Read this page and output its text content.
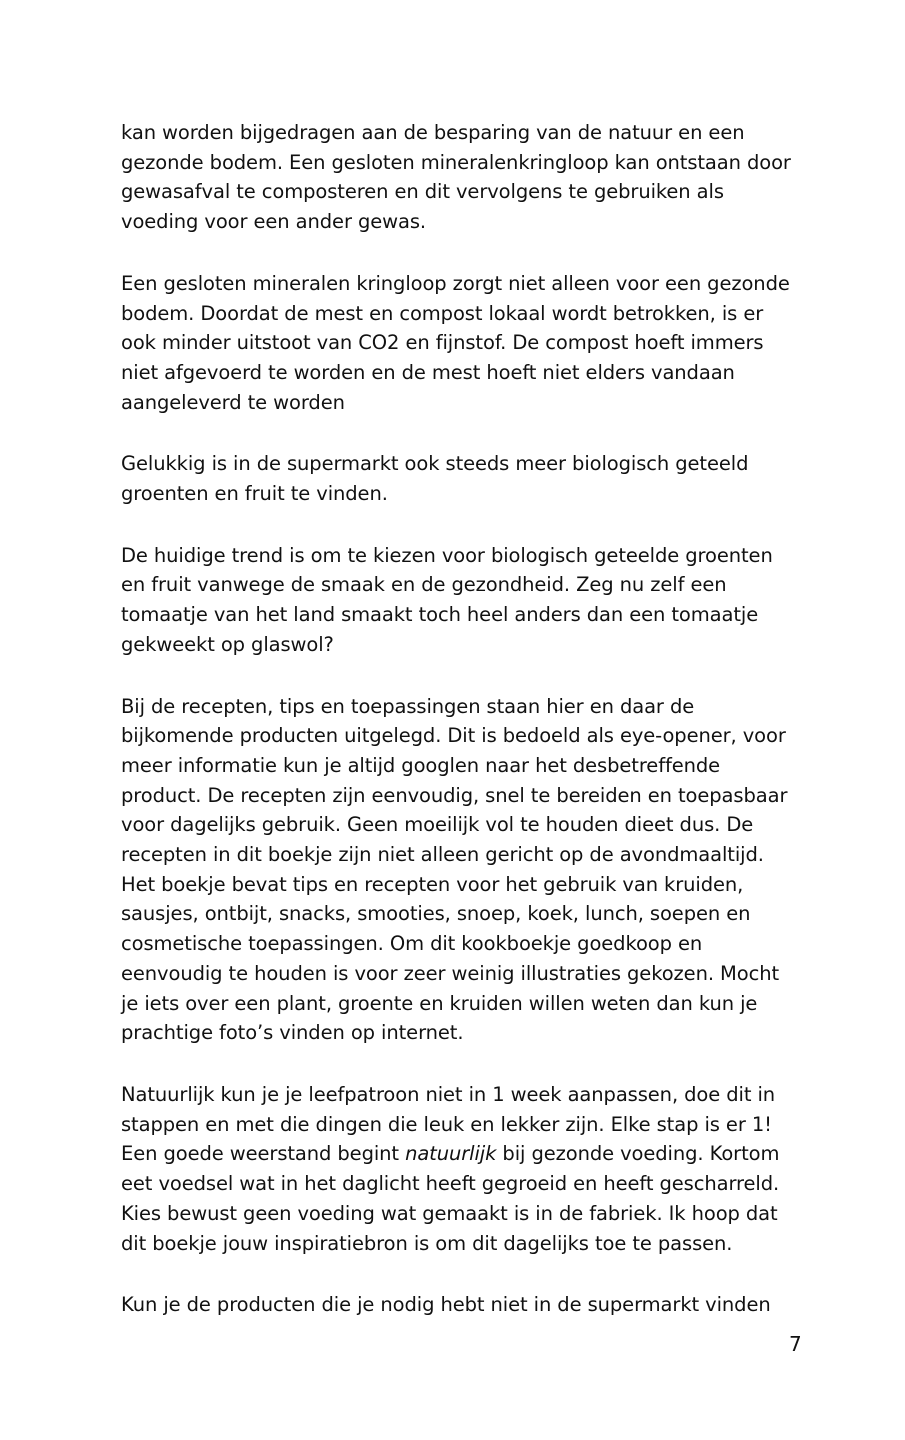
kan worden bijgedragen aan de besparing van de natuur en een
gezonde bodem. Een gesloten mineralenkringloop kan ontstaan door
gewasafval te composteren en dit vervolgens te gebruiken als
voeding voor een ander gewas.

Een gesloten mineralen kringloop zorgt niet alleen voor een gezonde
bodem. Doordat de mest en compost lokaal wordt betrokken, is er
ook minder uitstoot van CO2 en fijnstof. De compost hoeft immers
niet afgevoerd te worden en de mest hoeft niet elders vandaan
aangeleverd te worden

Gelukkig is in de supermarkt ook steeds meer biologisch geteeld
groenten en fruit te vinden.

De huidige trend is om te kiezen voor biologisch geteelde groenten
en fruit vanwege de smaak en de gezondheid. Zeg nu zelf een
tomaatje van het land smaakt toch heel anders dan een tomaatje
gekweekt op glaswol?

Bij de recepten, tips en toepassingen staan hier en daar de
bijkomende producten uitgelegd. Dit is bedoeld als eye-opener, voor
meer informatie kun je altijd googlen naar het desbetreffende
product. De recepten zijn eenvoudig, snel te bereiden en toepasbaar
voor dagelijks gebruik. Geen moeilijk vol te houden dieet dus. De
recepten in dit boekje zijn niet alleen gericht op de avondmaaltijd.
Het boekje bevat tips en recepten voor het gebruik van kruiden,
sausjes, ontbijt, snacks, smooties, snoep, koek, lunch, soepen en
cosmetische toepassingen. Om dit kookboekje goedkoop en
eenvoudig te houden is voor zeer weinig illustraties gekozen. Mocht
je iets over een plant, groente en kruiden willen weten dan kun je
prachtige foto’s vinden op internet.

Natuurlijk kun je je leefpatroon niet in 1 week aanpassen, doe dit in
stappen en met die dingen die leuk en lekker zijn. Elke stap is er 1!
Een goede weerstand begint natuurlijk bij gezonde voeding. Kortom
eet voedsel wat in het daglicht heeft gegroeid en heeft gescharreld.
Kies bewust geen voeding wat gemaakt is in de fabriek. Ik hoop dat
dit boekje jouw inspiratiebron is om dit dagelijks toe te passen.

Kun je de producten die je nodig hebt niet in de supermarkt vinden

7
